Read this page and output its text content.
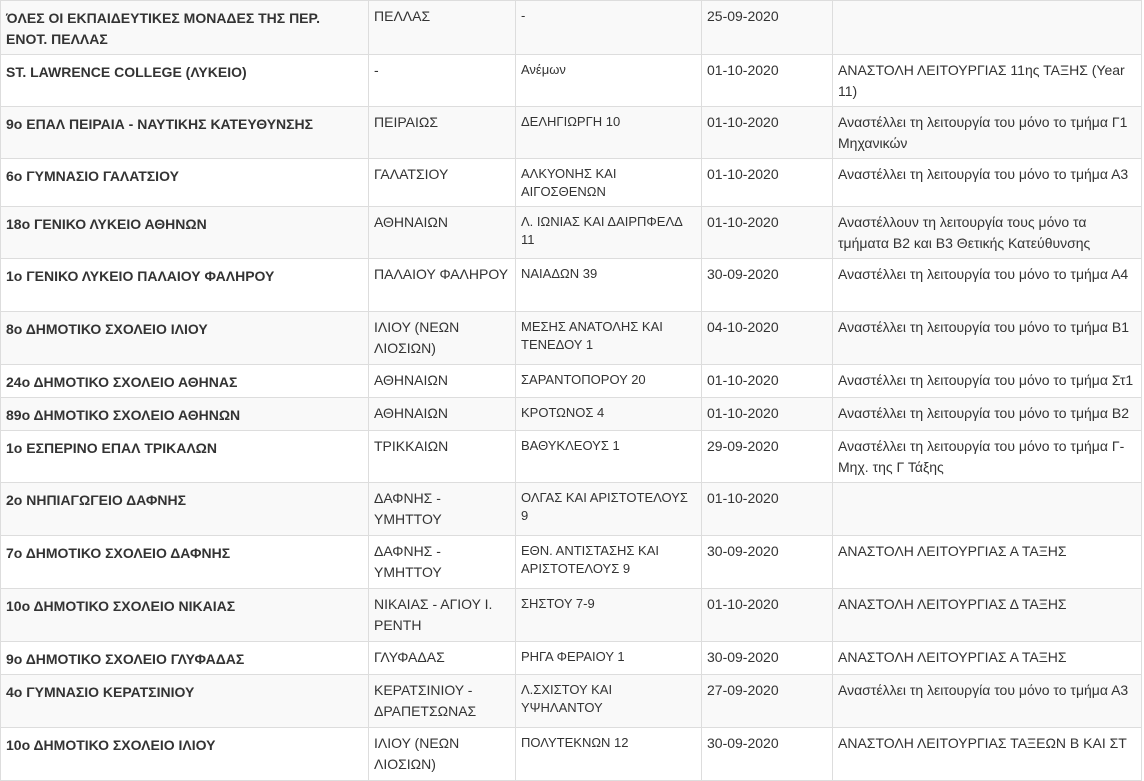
ΌΛΕΣ ΟΙ ΕΚΠΑΙΔΕΥΤΙΚΕΣ ΜΟΝΑΔΕΣ ΤΗΣ ΠΕΡ. ΕΝΟΤ. ΠΕΛΛΑΣ	ΠΕΛΛΑΣ	-	25-09-2020	
ST. LAWRENCE COLLEGE (ΛΥΚΕΙΟ)	-	Ανέμων	01-10-2020	ΑΝΑΣΤΟΛΗ ΛΕΙΤΟΥΡΓΙΑΣ 11ης ΤΑΞΗΣ (Year 11)
9ο ΕΠΑΛ ΠΕΙΡΑΙΑ - ΝΑΥΤΙΚΗΣ ΚΑΤΕΥΘΥΝΣΗΣ	ΠΕΙΡΑΙΩΣ	ΔΕΛΗΓΙΩΡΓΗ 10	01-10-2020	Αναστέλλει τη λειτουργία του μόνο το τμήμα Γ1 Μηχανικών
6ο ΓΥΜΝΑΣΙΟ ΓΑΛΑΤΣΙΟΥ	ΓΑΛΑΤΣΙΟΥ	ΑΛΚΥΟΝΗΣ ΚΑΙ ΑΙΓΟΣΘΕΝΩΝ	01-10-2020	Αναστέλλει τη λειτουργία του μόνο το τμήμα Α3
18ο ΓΕΝΙΚΟ ΛΥΚΕΙΟ ΑΘΗΝΩΝ	ΑΘΗΝΑΙΩΝ	Λ. ΙΩΝΙΑΣ ΚΑΙ ΔΑΙΡΠΦΕΛΔ 11	01-10-2020	Αναστέλλουν τη λειτουργία τους μόνο τα τμήματα Β2 και Β3 Θετικής Κατεύθυνσης
1ο ΓΕΝΙΚΟ ΛΥΚΕΙΟ ΠΑΛΑΙΟΥ ΦΑΛΗΡΟΥ	ΠΑΛΑΙΟΥ ΦΑΛΗΡΟΥ	ΝΑΙΑΔΩΝ 39	30-09-2020	Αναστέλλει τη λειτουργία του μόνο το τμήμα Α4
8ο ΔΗΜΟΤΙΚΟ ΣΧΟΛΕΙΟ ΙΛΙΟΥ	ΙΛΙΟΥ (ΝΕΩΝ ΛΙΟΣΙΩΝ)	ΜΕΣΗΣ ΑΝΑΤΟΛΗΣ ΚΑΙ ΤΕΝΕΔΟΥ 1	04-10-2020	Αναστέλλει τη λειτουργία του μόνο το τμήμα Β1
24ο ΔΗΜΟΤΙΚΟ ΣΧΟΛΕΙΟ ΑΘΗΝΑΣ	ΑΘΗΝΑΙΩΝ	ΣΑΡΑΝΤΟΠΟΡΟΥ 20	01-10-2020	Αναστέλλει τη λειτουργία του μόνο το τμήμα Στ1
89ο ΔΗΜΟΤΙΚΟ ΣΧΟΛΕΙΟ ΑΘΗΝΩΝ	ΑΘΗΝΑΙΩΝ	ΚΡΟΤΩΝΟΣ 4	01-10-2020	Αναστέλλει τη λειτουργία του μόνο το τμήμα Β2
1ο ΕΣΠΕΡΙΝΟ ΕΠΑΛ ΤΡΙΚΑΛΩΝ	ΤΡΙΚΚΑΙΩΝ	ΒΑΘΥΚΛΕΟΥΣ 1	29-09-2020	Αναστέλλει τη λειτουργία του μόνο το τμήμα Γ-Μηχ. της Γ Τάξης
2ο ΝΗΠΙΑΓΩΓΕΙΟ ΔΑΦΝΗΣ	ΔΑΦΝΗΣ - ΥΜΗΤΤΟΥ	ΟΛΓΑΣ ΚΑΙ ΑΡΙΣΤΟΤΕΛΟΥΣ 9	01-10-2020	
7ο ΔΗΜΟΤΙΚΟ ΣΧΟΛΕΙΟ ΔΑΦΝΗΣ	ΔΑΦΝΗΣ - ΥΜΗΤΤΟΥ	ΕΘΝ. ΑΝΤΙΣΤΑΣΗΣ ΚΑΙ ΑΡΙΣΤΟΤΕΛΟΥΣ 9	30-09-2020	ΑΝΑΣΤΟΛΗ ΛΕΙΤΟΥΡΓΙΑΣ Α ΤΑΞΗΣ
10ο ΔΗΜΟΤΙΚΟ ΣΧΟΛΕΙΟ ΝΙΚΑΙΑΣ	ΝΙΚΑΙΑΣ - ΑΓΙΟΥ Ι. ΡΕΝΤΗ	ΣΗΣΤΟΥ 7-9	01-10-2020	ΑΝΑΣΤΟΛΗ ΛΕΙΤΟΥΡΓΙΑΣ Δ ΤΑΞΗΣ
9ο ΔΗΜΟΤΙΚΟ ΣΧΟΛΕΙΟ ΓΛΥΦΑΔΑΣ	ΓΛΥΦΑΔΑΣ	ΡΗΓΑ ΦΕΡΑΙΟΥ 1	30-09-2020	ΑΝΑΣΤΟΛΗ ΛΕΙΤΟΥΡΓΙΑΣ Α ΤΑΞΗΣ
4ο ΓΥΜΝΑΣΙΟ ΚΕΡΑΤΣΙΝΙΟΥ	ΚΕΡΑΤΣΙΝΙΟΥ - ΔΡΑΠΕΤΣΩΝΑΣ	Λ.ΣΧΙΣΤΟΥ ΚΑΙ ΥΨΗΛΑΝΤΟΥ	27-09-2020	Αναστέλλει τη λειτουργία του μόνο το τμήμα Α3
10ο ΔΗΜΟΤΙΚΟ ΣΧΟΛΕΙΟ ΙΛΙΟΥ	ΙΛΙΟΥ (ΝΕΩΝ ΛΙΟΣΙΩΝ)	ΠΟΛΥΤΕΚΝΩΝ 12	30-09-2020	ΑΝΑΣΤΟΛΗ ΛΕΙΤΟΥΡΓΙΑΣ ΤΑΞΕΩΝ Β ΚΑΙ ΣΤ
